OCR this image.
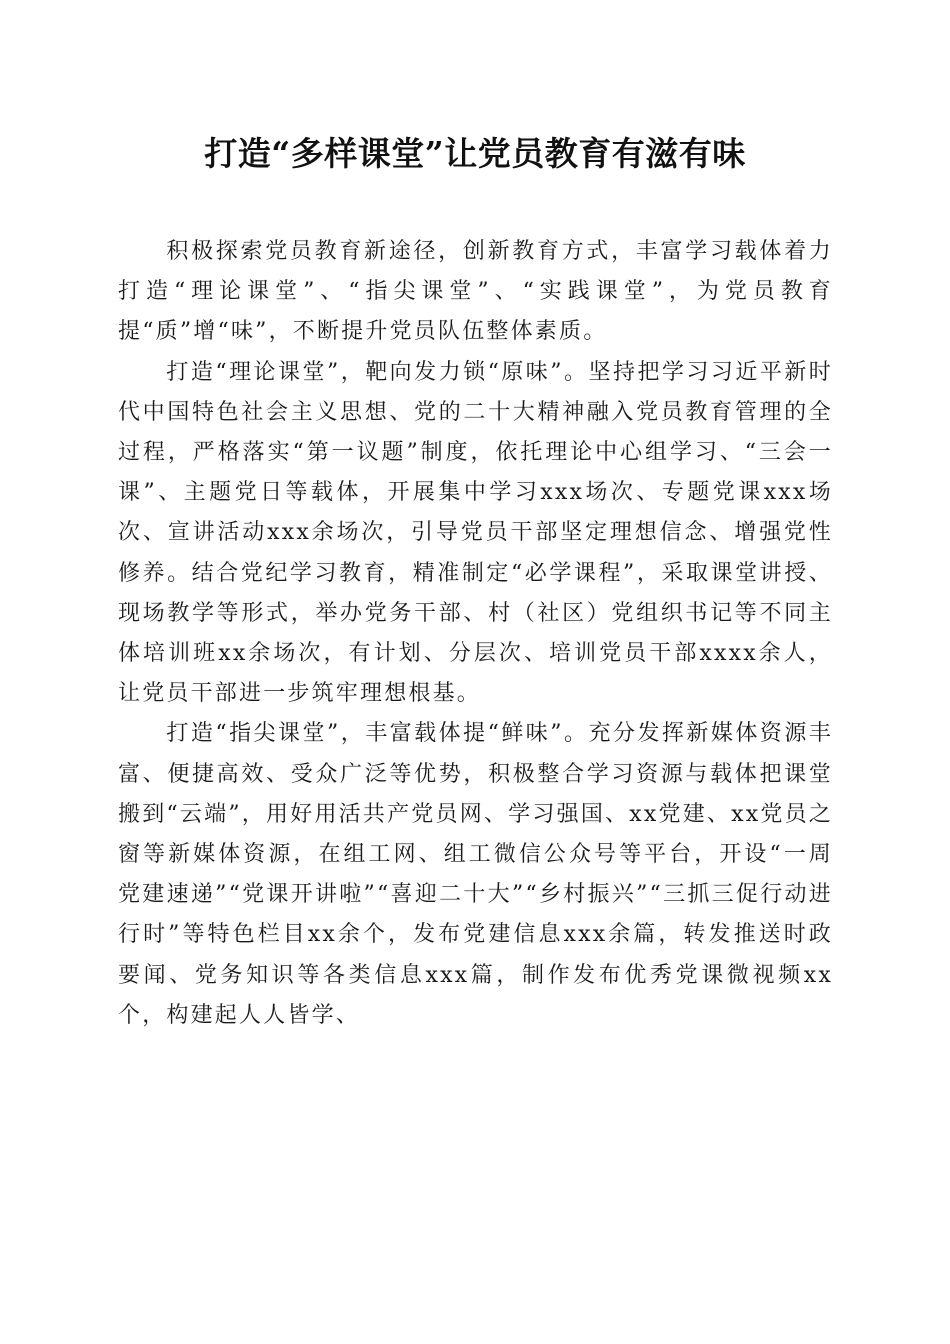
打造“多样课堂”让党员教育有滋有味

积极探索党员教育新途径，创新教育方式，丰富学习载体着力打造“理论课堂”、“指尖课堂”、“实践课堂”，为党员教育提“质”增“味”，不断提升党员队伍整体素质。

打造“理论课堂”，靶向发力锁“原味”。坚持把学习习近平新时代中国特色社会主义思想、党的二十大精神融入党员教育管理的全过程，严格落实“第一议题”制度，依托理论中心组学习、“三会一课”、主题党日等载体，开展集中学习xxx场次、专题党课xxx场次、宣讲活动xxx余场次，引导党员干部坚定理想信念、增强党性修养。结合党纪学习教育，精准制定“必学课程”，采取课堂讲授、现场教学等形式，举办党务干部、村（社区）党组织书记等不同主体培训班xx余场次，有计划、分层次、培训党员干部xxxx余人，让党员干部进一步筑牢理想根基。

打造“指尖课堂”，丰富载体提“鲜味”。充分发挥新媒体资源丰富、便捷高效、受众广泛等优势，积极整合学习资源与载体把课堂搬到“云端”，用好用活共产党员网、学习强国、xx党建、xx党员之窗等新媒体资源，在组工网、组工微信公众号等平台，开设“一周党建速递”“党课开讲啦”“喜迎二十大”“乡村振兴”“三抓三促行动进行时”等特色栏目xx余个，发布党建信息xxx余篇，转发推送时政要闻、党务知识等各类信息xxx篇，制作发布优秀党课微视频xx个，构建起人人皆学、
